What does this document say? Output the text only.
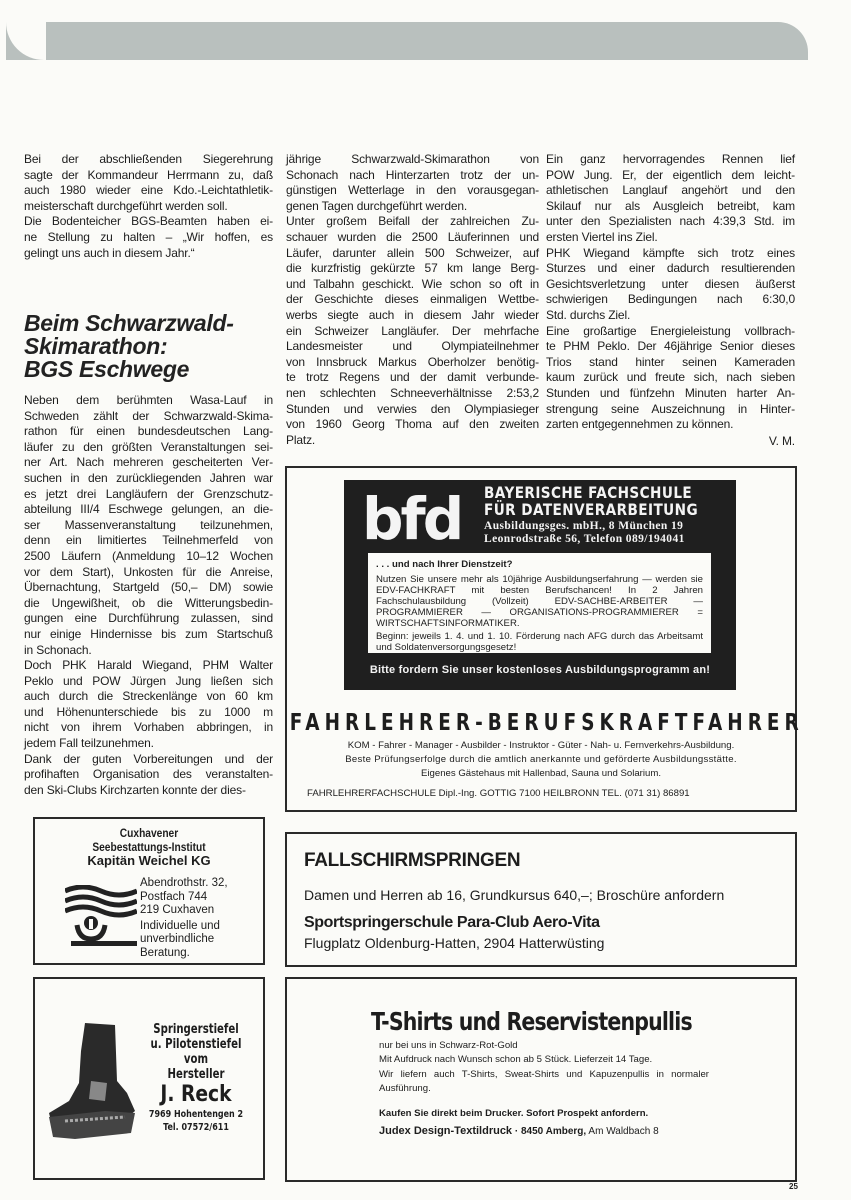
Bei der abschließenden Siegerehrung
sagte der Kommandeur Herrmann zu, daß
auch 1980 wieder eine Kdo.-Leichtathletik-
meisterschaft durchgeführt werden soll.
Die Bodenteicher BGS-Beamten haben ei-
ne Stellung zu halten – „Wir hoffen, es
gelingt uns auch in diesem Jahr.“
Beim Schwarzwald-
Skimarathon:
BGS Eschwege
Neben dem berühmten Wasa-Lauf in
Schweden zählt der Schwarzwald-Skima-
rathon für einen bundesdeutschen Lang-
läufer zu den größten Veranstaltungen sei-
ner Art. Nach mehreren gescheiterten Ver-
suchen in den zurückliegenden Jahren war
es jetzt drei Langläufern der Grenzschutz-
abteilung III/4 Eschwege gelungen, an die-
ser Massenveranstaltung teilzunehmen,
denn ein limitiertes Teilnehmerfeld von
2500 Läufern (Anmeldung 10–12 Wochen
vor dem Start), Unkosten für die Anreise,
Übernachtung, Startgeld (50,– DM) sowie
die Ungewißheit, ob die Witterungsbedin-
gungen eine Durchführung zulassen, sind
nur einige Hindernisse bis zum Startschuß
in Schonach.
Doch PHK Harald Wiegand, PHM Walter
Peklo und POW Jürgen Jung ließen sich
auch durch die Streckenlänge von 60 km
und Höhenunterschiede bis zu 1000 m
nicht von ihrem Vorhaben abbringen, in
jedem Fall teilzunehmen.
Dank der guten Vorbereitungen und der
profihaften Organisation des veranstalten-
den Ski-Clubs Kirchzarten konnte der dies-
jährige Schwarzwald-Skimarathon von
Schonach nach Hinterzarten trotz der un-
günstigen Wetterlage in den vorausgegan-
genen Tagen durchgeführt werden.
Unter großem Beifall der zahlreichen Zu-
schauer wurden die 2500 Läuferinnen und
Läufer, darunter allein 500 Schweizer, auf
die kurzfristig gekürzte 57 km lange Berg-
und Talbahn geschickt. Wie schon so oft in
der Geschichte dieses einmaligen Wettbe-
werbs siegte auch in diesem Jahr wieder
ein Schweizer Langläufer. Der mehrfache
Landesmeister und Olympiateilnehmer
von Innsbruck Markus Oberholzer benötig-
te trotz Regens und der damit verbunde-
nen schlechten Schneeverhältnisse 2:53,2
Stunden und verwies den Olympiasieger
von 1960 Georg Thoma auf den zweiten
Platz.
Ein ganz hervorragendes Rennen lief
POW Jung. Er, der eigentlich dem leicht-
athletischen Langlauf angehört und den
Skilauf nur als Ausgleich betreibt, kam
unter den Spezialisten nach 4:39,3 Std. im
ersten Viertel ins Ziel.
PHK Wiegand kämpfte sich trotz eines
Sturzes und einer dadurch resultierenden
Gesichtsverletzung unter diesen äußerst
schwierigen Bedingungen nach 6:30,0
Std. durchs Ziel.
Eine großartige Energieleistung vollbrach-
te PHM Peklo. Der 46jährige Senior dieses
Trios stand hinter seinen Kameraden
kaum zurück und freute sich, nach sieben
Stunden und fünfzehn Minuten harter An-
strengung seine Auszeichnung in Hinter-
zarten entgegennehmen zu können.
V. M.
bfd BAYERISCHE FACHSCHULE
FÜR DATENVERARBEITUNG
Ausbildungsges. mbH., 8 München 19
Leonrodstraße 56, Telefon 089/194041
. . . und nach Ihrer Dienstzeit?
Nutzen Sie unsere mehr als 10jährige Ausbildungserfahrung — werden sie EDV-FACHKRAFT mit besten Berufschancen! In 2 Jahren Fachschulausbildung (Vollzeit) EDV-SACHBE-ARBEITER — PROGRAMMIERER — ORGANISATIONS-PROGRAMMIERER = WIRTSCHAFTSINFORMATIKER.
Beginn: jeweils 1. 4. und 1. 10. Förderung nach AFG durch das Arbeitsamt und Soldatenversorgungsgesetz!
Bitte fordern Sie unser kostenloses Ausbildungsprogramm an!
FAHRLEHRER-BERUFSKRAFTFAHRER
KOM - Fahrer - Manager - Ausbilder - Instruktor - Güter - Nah- u. Fernverkehrs-Ausbildung.
Beste Prüfungserfolge durch die amtlich anerkannte und geförderte Ausbildungsstätte.
Eigenes Gästehaus mit Hallenbad, Sauna und Solarium.
FAHRLEHRERFACHSCHULE Dipl.-Ing. GOTTIG 7100 HEILBRONN TEL. (071 31) 86891
Cuxhavener
Seebestattungs-Institut
Kapitän Weichel KG
Abendrothstr. 32,
Postfach 744
219 Cuxhaven
Individuelle und
unverbindliche
Beratung.
FALLSCHIRMSPRINGEN
Damen und Herren ab 16, Grundkursus 640,–; Broschüre anfordern
Sportspringerschule Para-Club Aero-Vita
Flugplatz Oldenburg-Hatten, 2904 Hatterwüsting
Springerstiefel
u. Pilotenstiefel
vom
Hersteller
J. Reck
7969 Hohentengen 2
Tel. 07572/611
T-Shirts und Reservistenpullis
nur bei uns in Schwarz-Rot-Gold
Mit Aufdruck nach Wunsch schon ab 5 Stück. Lieferzeit 14 Tage.
Wir liefern auch T-Shirts, Sweat-Shirts und Kapuzenpullis in normaler Ausführung.
Kaufen Sie direkt beim Drucker. Sofort Prospekt anfordern.
Judex Design-Textildruck · 8450 Amberg, Am Waldbach 8
25
